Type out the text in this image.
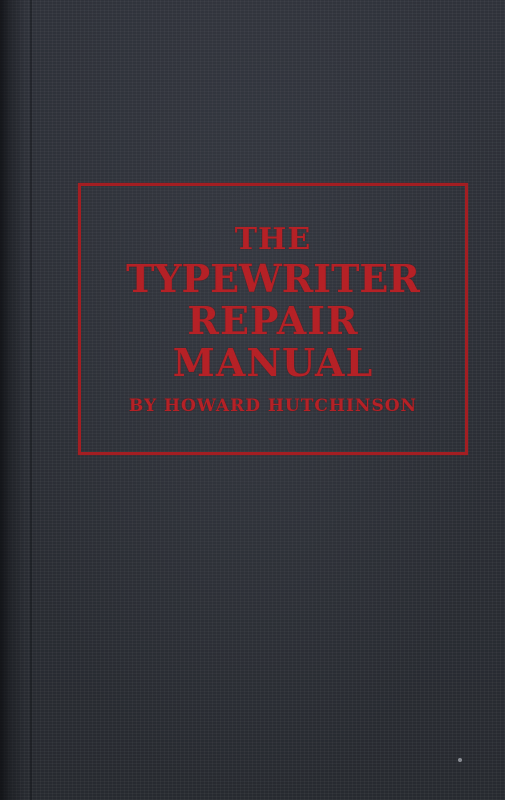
THE
TYPEWRITER
REPAIR
MANUAL
BY HOWARD HUTCHINSON
